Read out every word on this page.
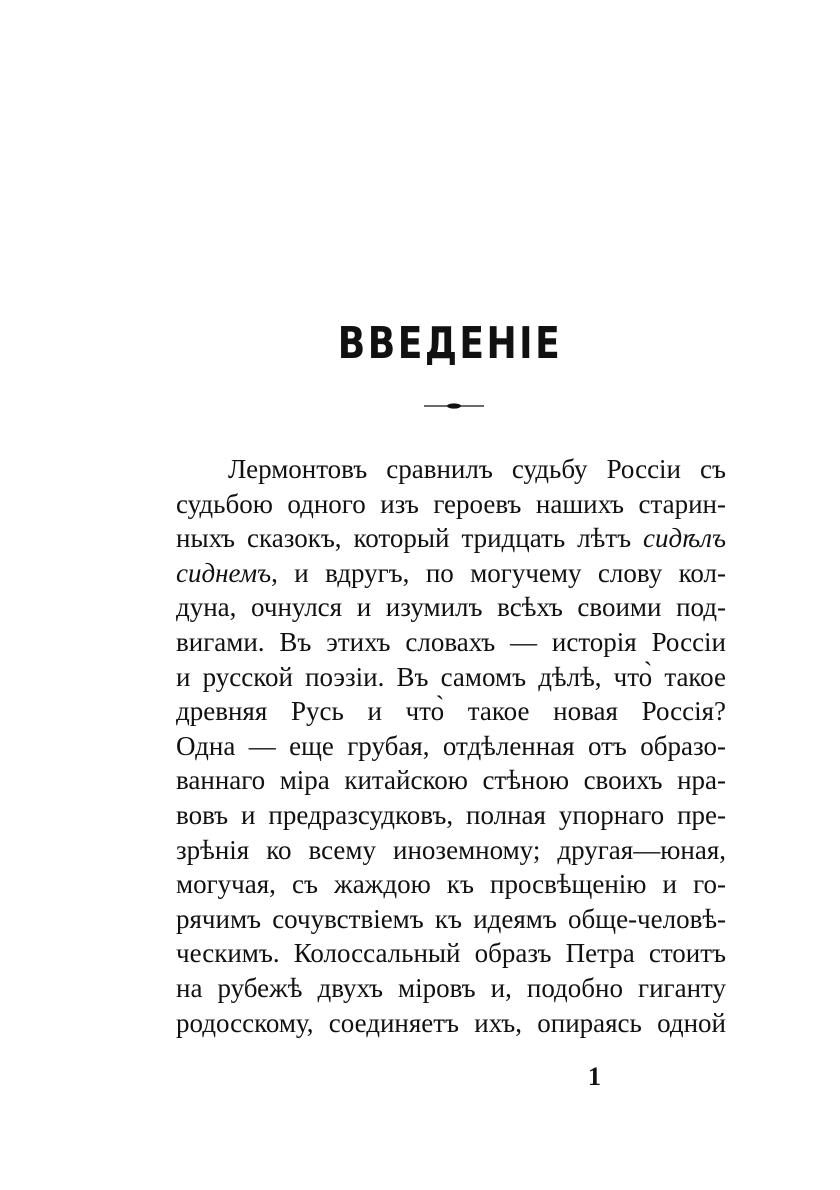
ВВЕДЕНІЕ
Лермонтовъ сравнилъ судьбу Россіи съ
судьбою одного изъ героевъ нашихъ старин-
ныхъ сказокъ, который тридцать лѣтъ сидѣлъ
сиднемъ, и вдругъ, по могучему слову кол-
дуна, очнулся и изумилъ всѣхъ своими под-
вигами. Въ этихъ словахъ — исторія Россіи
и русской поэзіи. Въ самомъ дѣлѣ, что̀ такое
древняя Русь и что̀ такое новая Россія?
Одна — еще грубая, отдѣленная отъ образо-
ваннаго міра китайскою стѣною своихъ нра-
вовъ и предразсудковъ, полная упорнаго пре-
зрѣнія ко всему иноземному; другая—юная,
могучая, съ жаждою къ просвѣщенію и го-
рячимъ сочувствіемъ къ идеямъ обще-человѣ-
ческимъ. Колоссальный образъ Петра стоитъ
на рубежѣ двухъ міровъ и, подобно гиганту
родосскому, соединяетъ ихъ, опираясь одной
1
